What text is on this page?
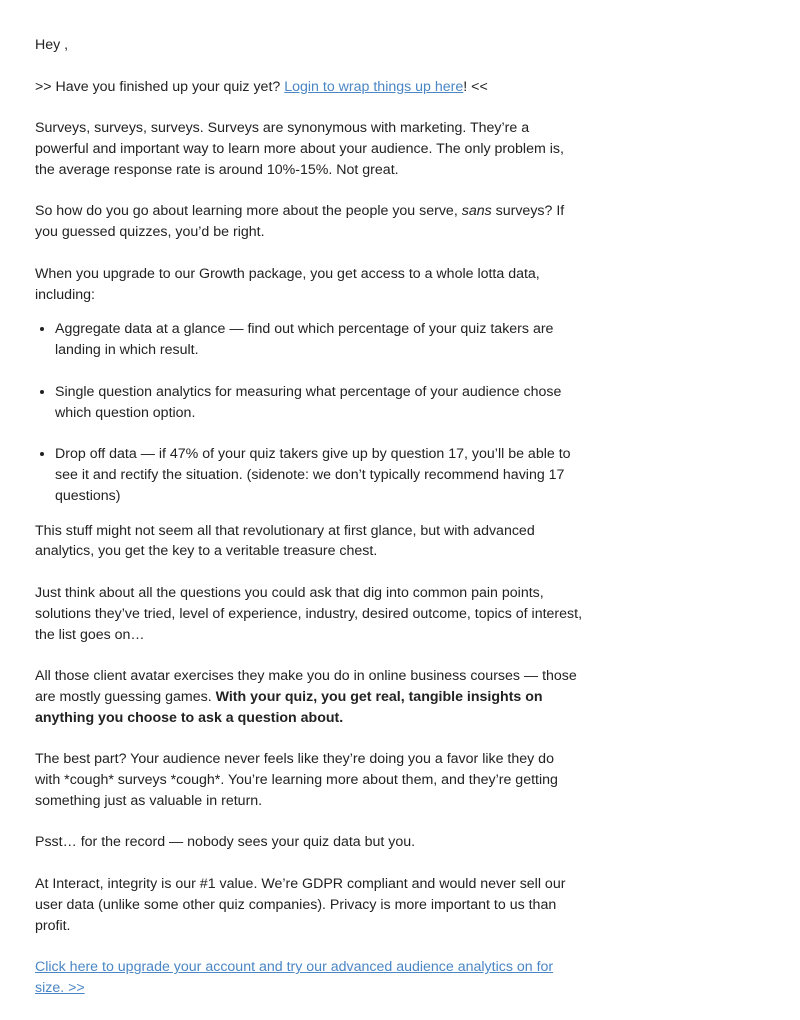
Hey ,

>> Have you finished up your quiz yet? Login to wrap things up here! <<

Surveys, surveys, surveys. Surveys are synonymous with marketing. They’re a powerful and important way to learn more about your audience. The only problem is, the average response rate is around 10%-15%. Not great.

So how do you go about learning more about the people you serve, sans surveys? If you guessed quizzes, you’d be right.

When you upgrade to our Growth package, you get access to a whole lotta data, including:

• Aggregate data at a glance — find out which percentage of your quiz takers are landing in which result.
• Single question analytics for measuring what percentage of your audience chose which question option.
• Drop off data — if 47% of your quiz takers give up by question 17, you’ll be able to see it and rectify the situation. (sidenote: we don’t typically recommend having 17 questions)

This stuff might not seem all that revolutionary at first glance, but with advanced analytics, you get the key to a veritable treasure chest.

Just think about all the questions you could ask that dig into common pain points, solutions they’ve tried, level of experience, industry, desired outcome, topics of interest, the list goes on…

All those client avatar exercises they make you do in online business courses — those are mostly guessing games. With your quiz, you get real, tangible insights on anything you choose to ask a question about.

The best part? Your audience never feels like they’re doing you a favor like they do with *cough* surveys *cough*. You’re learning more about them, and they’re getting something just as valuable in return.

Psst… for the record — nobody sees your quiz data but you.

At Interact, integrity is our #1 value. We’re GDPR compliant and would never sell our user data (unlike some other quiz companies). Privacy is more important to us than profit.

Click here to upgrade your account and try our advanced audience analytics on for size. >>
